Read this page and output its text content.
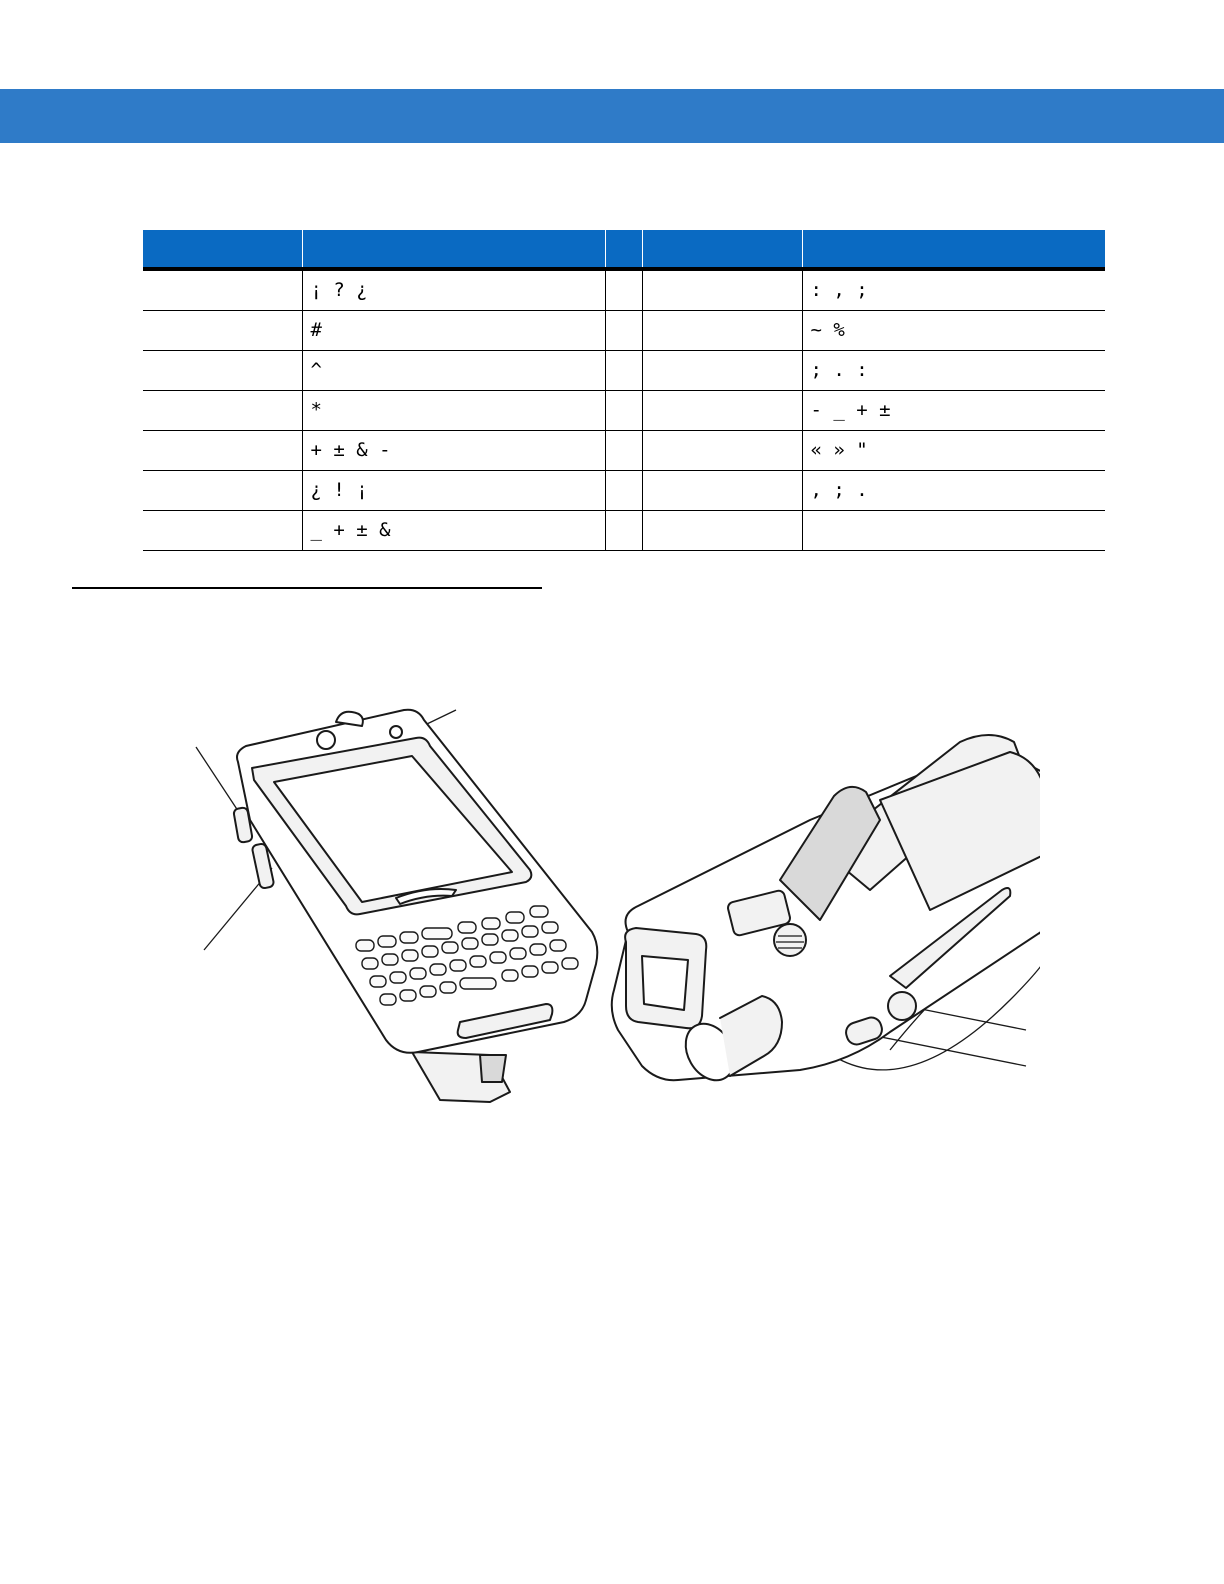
	¡ ? ¿			: , ;
	#			~ %
	^			; . :
	*			- _ + ±
	+ ± & -			« » "
	¿ ! ¡			, ; .
	_ + ± &			
